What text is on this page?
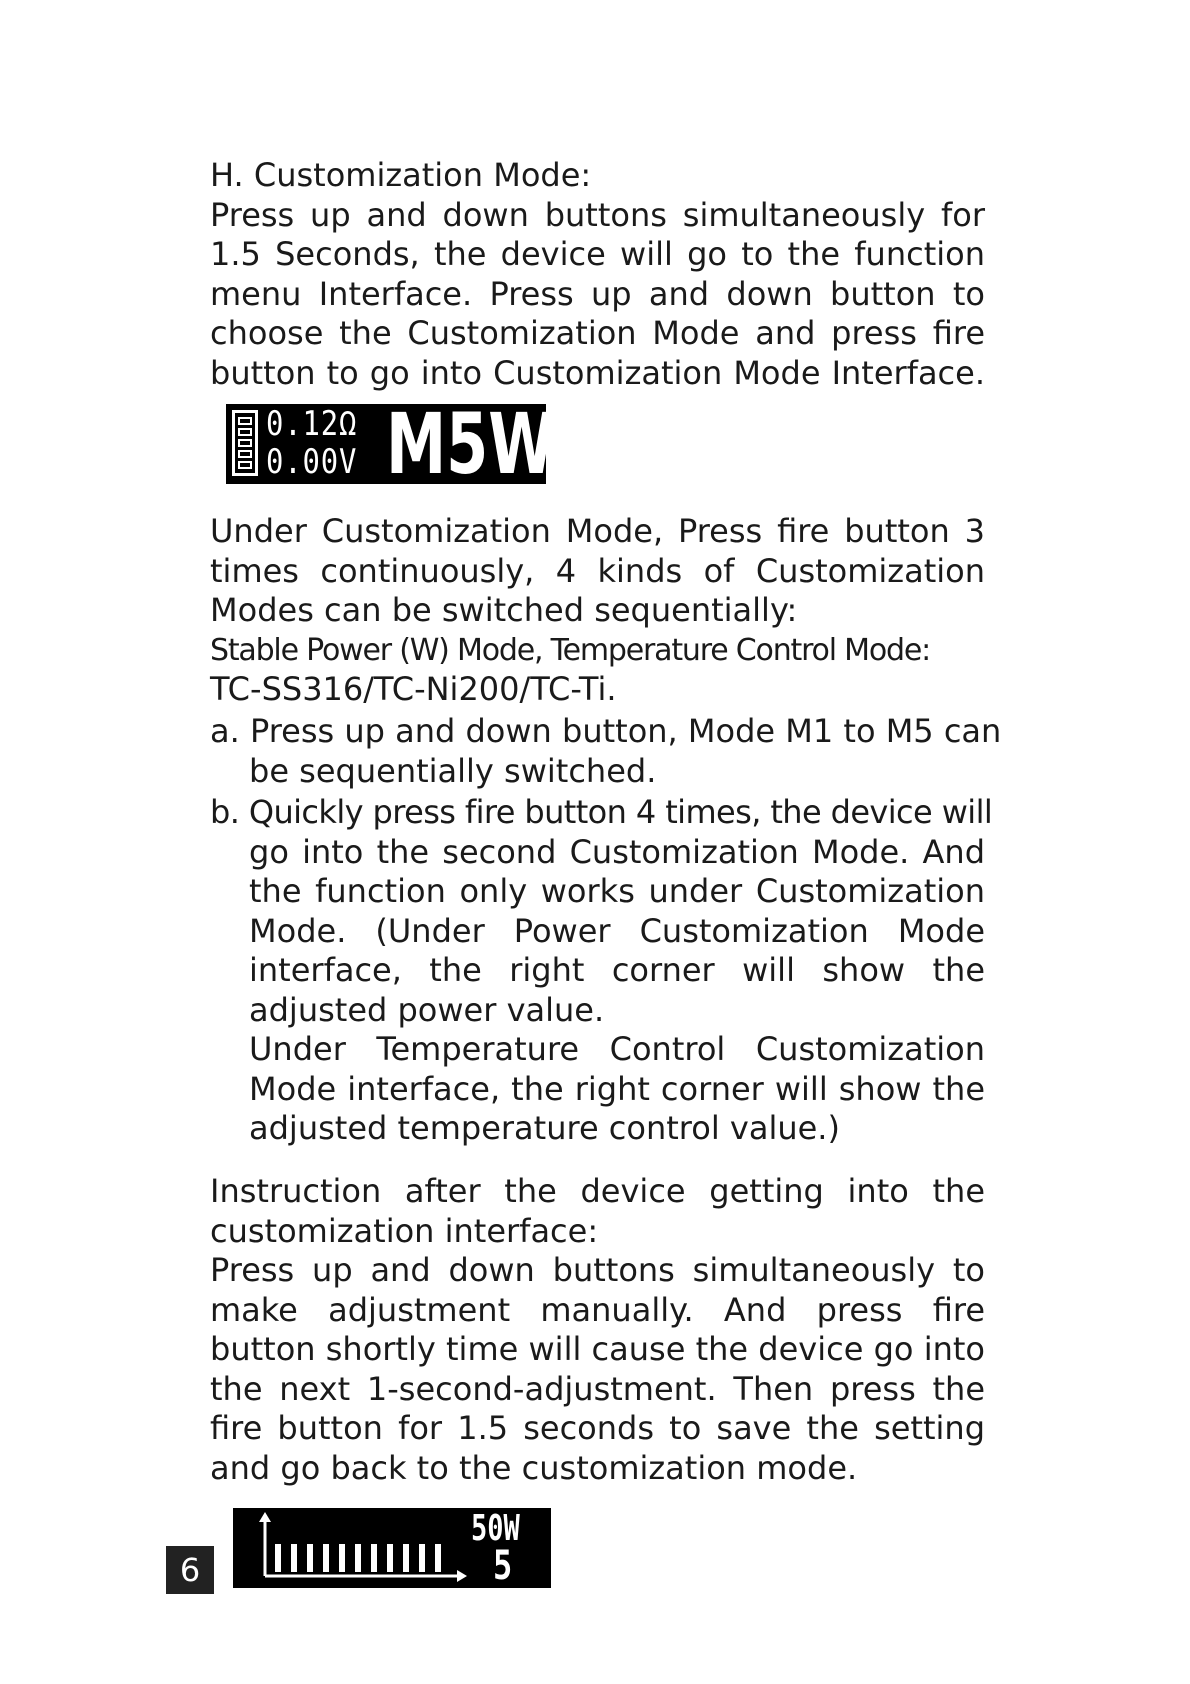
H. Customization Mode:
Press up and down buttons simultaneously for
1.5 Seconds, the device will go to the function
menu Interface. Press up and down button to
choose the Customization Mode and press fire
button to go into Customization Mode Interface.
0.12Ω
0.00V M5W
Under Customization Mode, Press fire button 3
times continuously, 4 kinds of Customization
Modes can be switched sequentially:
Stable Power (W) Mode, Temperature Control Mode:
TC-SS316/TC-Ni200/TC-Ti.
a. Press up and down button, Mode M1 to M5 can
be sequentially switched.
b. Quickly press fire button 4 times, the device will
go into the second Customization Mode. And
the function only works under Customization
Mode. (Under Power Customization Mode
interface, the right corner will show the
adjusted power value.
Under Temperature Control Customization
Mode interface, the right corner will show the
adjusted temperature control value.)
Instruction after the device getting into the
customization interface:
Press up and down buttons simultaneously to
make adjustment manually. And press fire
button shortly time will cause the device go into
the next 1-second-adjustment. Then press the
fire button for 1.5 seconds to save the setting
and go back to the customization mode.
6
50W
5
